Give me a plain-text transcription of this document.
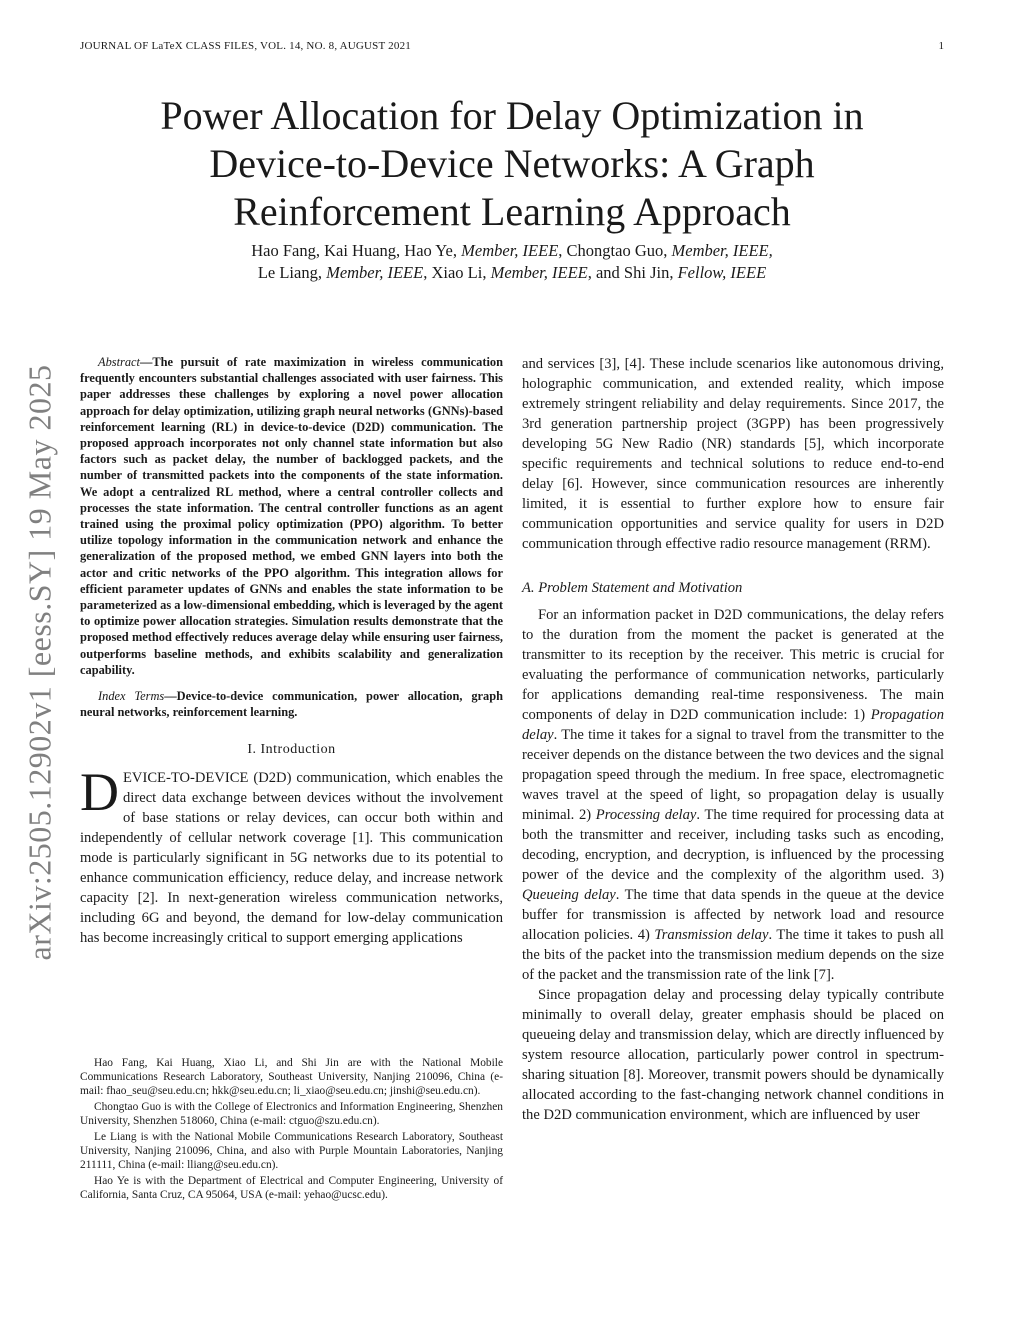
JOURNAL OF LaTeX CLASS FILES, VOL. 14, NO. 8, AUGUST 2021	1
arXiv:2505.12902v1 [eess.SY] 19 May 2025
Power Allocation for Delay Optimization in Device-to-Device Networks: A Graph Reinforcement Learning Approach

Hao Fang, Kai Huang, Hao Ye, Member, IEEE, Chongtao Guo, Member, IEEE,
Le Liang, Member, IEEE, Xiao Li, Member, IEEE, and Shi Jin, Fellow, IEEE

Abstract—The pursuit of rate maximization in wireless communication frequently encounters substantial challenges associated with user fairness. This paper addresses these challenges by exploring a novel power allocation approach for delay optimization, utilizing graph neural networks (GNNs)-based reinforcement learning (RL) in device-to-device (D2D) communication. The proposed approach incorporates not only channel state information but also factors such as packet delay, the number of backlogged packets, and the number of transmitted packets into the components of the state information. We adopt a centralized RL method, where a central controller collects and processes the state information. The central controller functions as an agent trained using the proximal policy optimization (PPO) algorithm. To better utilize topology information in the communication network and enhance the generalization of the proposed method, we embed GNN layers into both the actor and critic networks of the PPO algorithm. This integration allows for efficient parameter updates of GNNs and enables the state information to be parameterized as a low-dimensional embedding, which is leveraged by the agent to optimize power allocation strategies. Simulation results demonstrate that the proposed method effectively reduces average delay while ensuring user fairness, outperforms baseline methods, and exhibits scalability and generalization capability.

Index Terms—Device-to-device communication, power allocation, graph neural networks, reinforcement learning.

I. Introduction

DEVICE-TO-DEVICE (D2D) communication, which enables the direct data exchange between devices without the involvement of base stations or relay devices, can occur both within and independently of cellular network coverage [1]. This communication mode is particularly significant in 5G networks due to its potential to enhance communication efficiency, reduce delay, and increase network capacity [2]. In next-generation wireless communication networks, including 6G and beyond, the demand for low-delay communication has become increasingly critical to support emerging applications

Hao Fang, Kai Huang, Xiao Li, and Shi Jin are with the National Mobile Communications Research Laboratory, Southeast University, Nanjing 210096, China (e-mail: fhao_seu@seu.edu.cn; hkk@seu.edu.cn; li_xiao@seu.edu.cn; jinshi@seu.edu.cn).

Chongtao Guo is with the College of Electronics and Information Engineering, Shenzhen University, Shenzhen 518060, China (e-mail: ctguo@szu.edu.cn).

Le Liang is with the National Mobile Communications Research Laboratory, Southeast University, Nanjing 210096, China, and also with Purple Mountain Laboratories, Nanjing 211111, China (e-mail: lliang@seu.edu.cn).

Hao Ye is with the Department of Electrical and Computer Engineering, University of California, Santa Cruz, CA 95064, USA (e-mail: yehao@ucsc.edu).

and services [3], [4]. These include scenarios like autonomous driving, holographic communication, and extended reality, which impose extremely stringent reliability and delay requirements. Since 2017, the 3rd generation partnership project (3GPP) has been progressively developing 5G New Radio (NR) standards [5], which incorporate specific requirements and technical solutions to reduce end-to-end delay [6]. However, since communication resources are inherently limited, it is essential to further explore how to ensure fair communication opportunities and service quality for users in D2D communication through effective radio resource management (RRM).

A. Problem Statement and Motivation

For an information packet in D2D communications, the delay refers to the duration from the moment the packet is generated at the transmitter to its reception by the receiver. This metric is crucial for evaluating the performance of communication networks, particularly for applications demanding real-time responsiveness. The main components of delay in D2D communication include: 1) Propagation delay. The time it takes for a signal to travel from the transmitter to the receiver depends on the distance between the two devices and the signal propagation speed through the medium. In free space, electromagnetic waves travel at the speed of light, so propagation delay is usually minimal. 2) Processing delay. The time required for processing data at both the transmitter and receiver, including tasks such as encoding, decoding, encryption, and decryption, is influenced by the processing power of the device and the complexity of the algorithm used. 3) Queueing delay. The time that data spends in the queue at the device buffer for transmission is affected by network load and resource allocation policies. 4) Transmission delay. The time it takes to push all the bits of the packet into the transmission medium depends on the size of the packet and the transmission rate of the link [7].

Since propagation delay and processing delay typically contribute minimally to overall delay, greater emphasis should be placed on queueing delay and transmission delay, which are directly influenced by system resource allocation, particularly power control in spectrum-sharing situation [8]. Moreover, transmit powers should be dynamically allocated according to the fast-changing network channel conditions in the D2D communication environment, which are influenced by user
